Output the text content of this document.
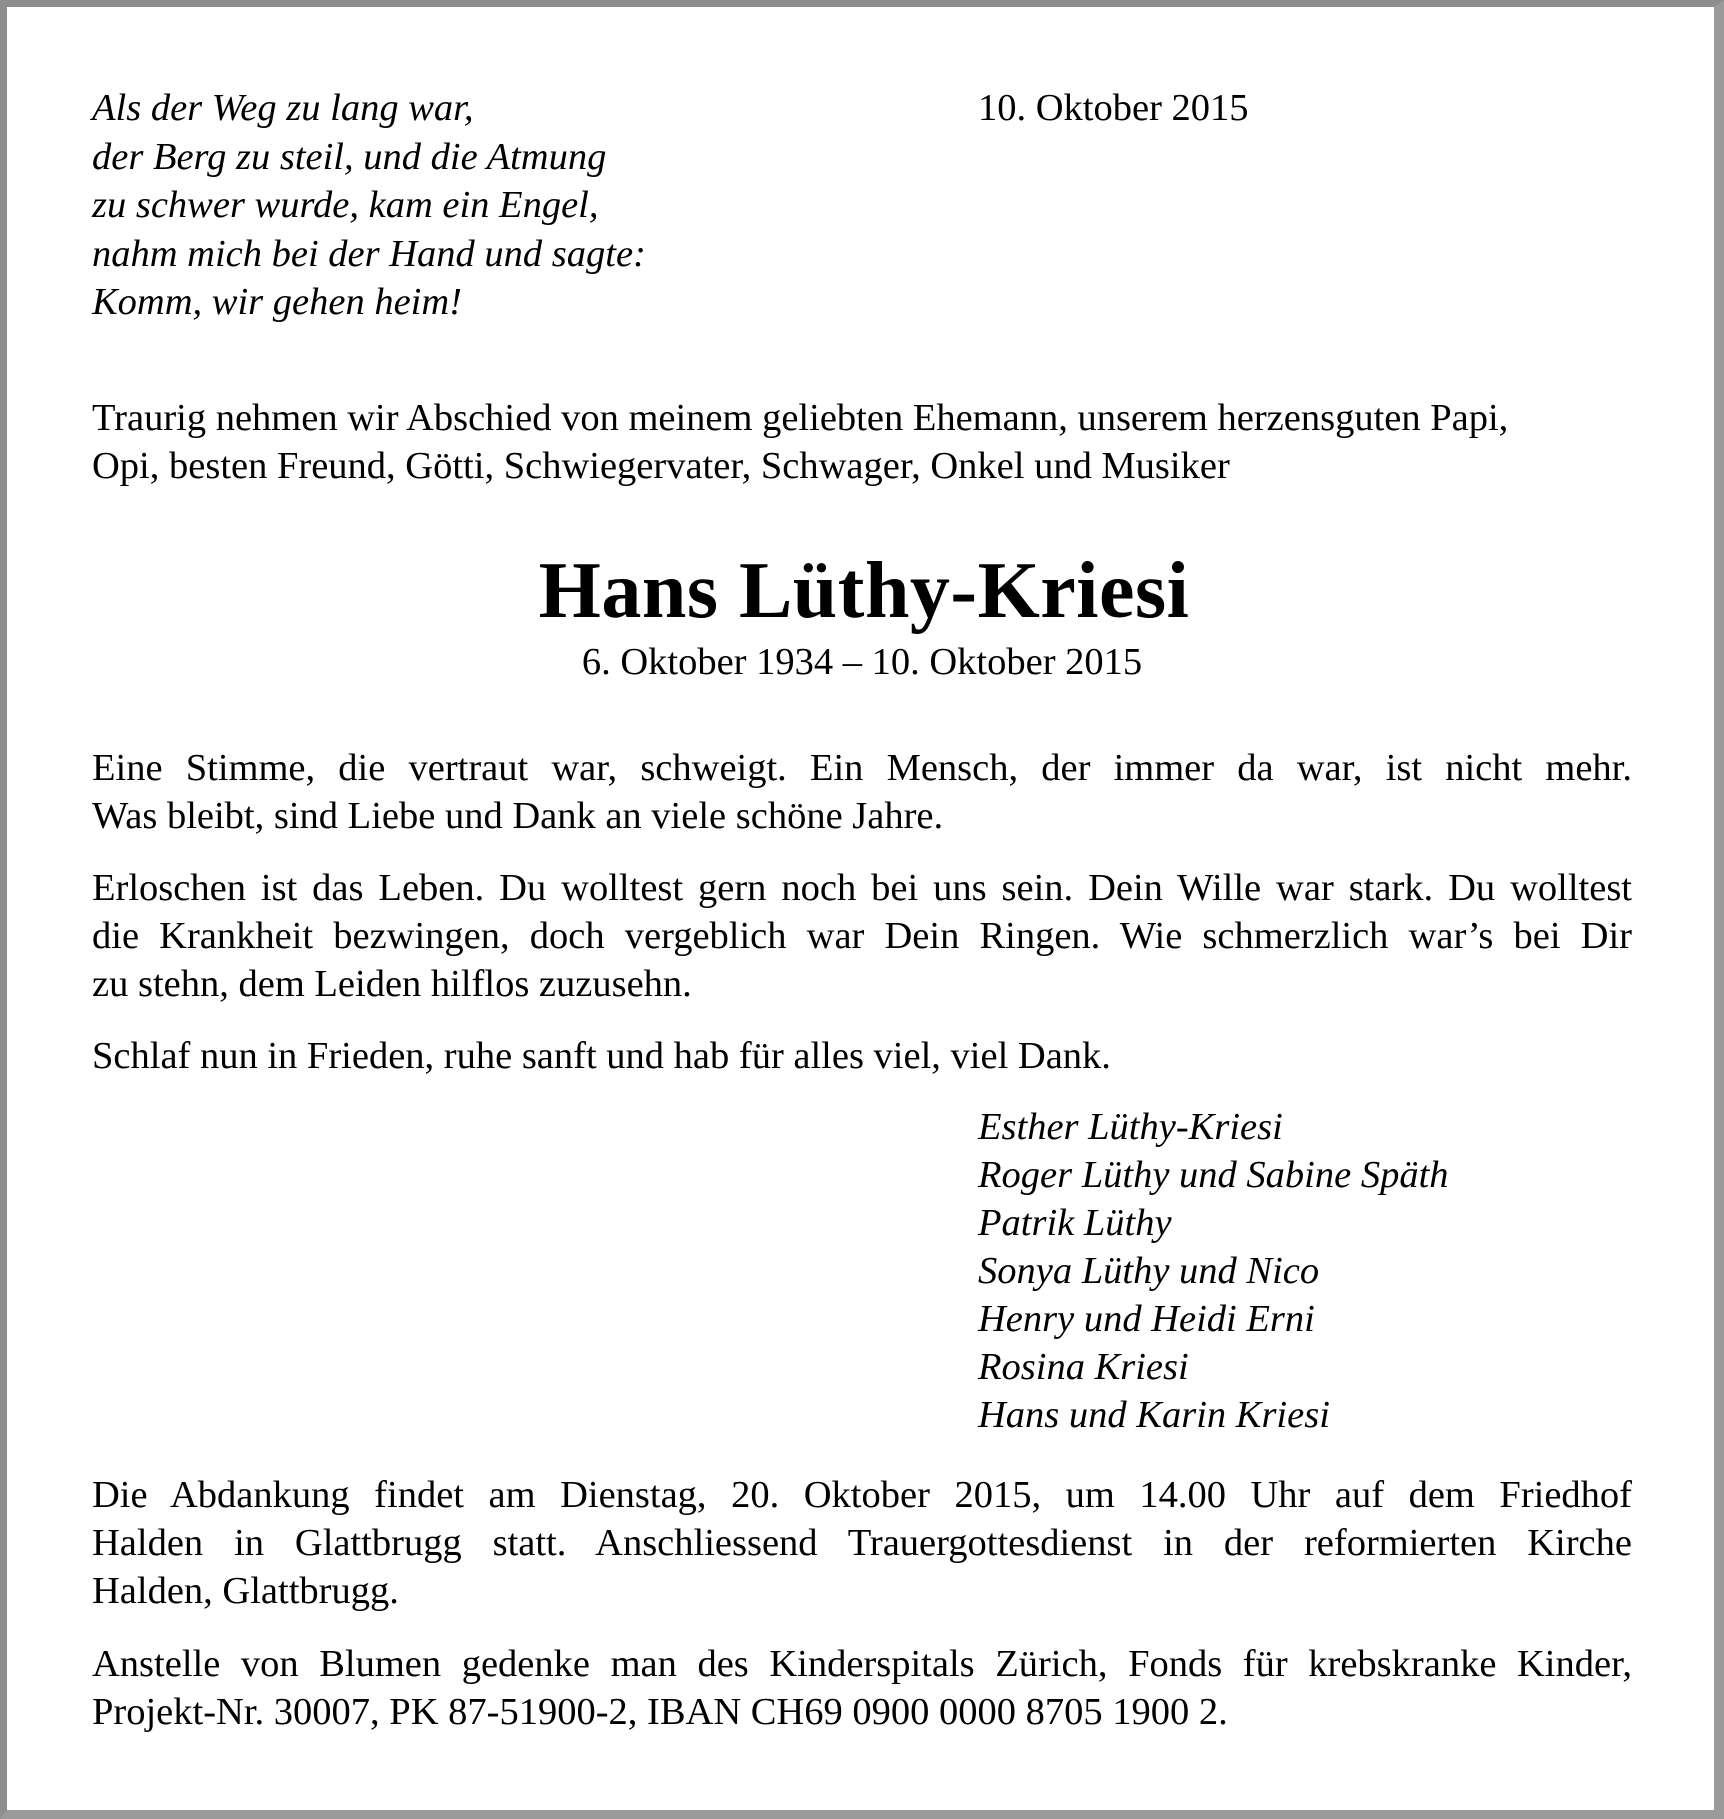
Als der Weg zu lang war,
der Berg zu steil, und die Atmung
zu schwer wurde, kam ein Engel,
nahm mich bei der Hand und sagte:
Komm, wir gehen heim!
10. Oktober 2015
Traurig nehmen wir Abschied von meinem geliebten Ehemann, unserem herzensguten Papi,
Opi, besten Freund, Götti, Schwiegervater, Schwager, Onkel und Musiker
Hans Lüthy-Kriesi
6. Oktober 1934 – 10. Oktober 2015
Eine Stimme, die vertraut war, schweigt. Ein Mensch, der immer da war, ist nicht mehr.
Was bleibt, sind Liebe und Dank an viele schöne Jahre.
Erloschen ist das Leben. Du wolltest gern noch bei uns sein. Dein Wille war stark. Du wolltest
die Krankheit bezwingen, doch vergeblich war Dein Ringen. Wie schmerzlich war’s bei Dir
zu stehn, dem Leiden hilflos zuzusehn.
Schlaf nun in Frieden, ruhe sanft und hab für alles viel, viel Dank.
Esther Lüthy-Kriesi
Roger Lüthy und Sabine Späth
Patrik Lüthy
Sonya Lüthy und Nico
Henry und Heidi Erni
Rosina Kriesi
Hans und Karin Kriesi
Die Abdankung findet am Dienstag, 20. Oktober 2015, um 14.00 Uhr auf dem Friedhof
Halden in Glattbrugg statt. Anschliessend Trauergottesdienst in der reformierten Kirche
Halden, Glattbrugg.
Anstelle von Blumen gedenke man des Kinderspitals Zürich, Fonds für krebskranke Kinder,
Projekt-Nr. 30007, PK 87-51900-2, IBAN CH69 0900 0000 8705 1900 2.
